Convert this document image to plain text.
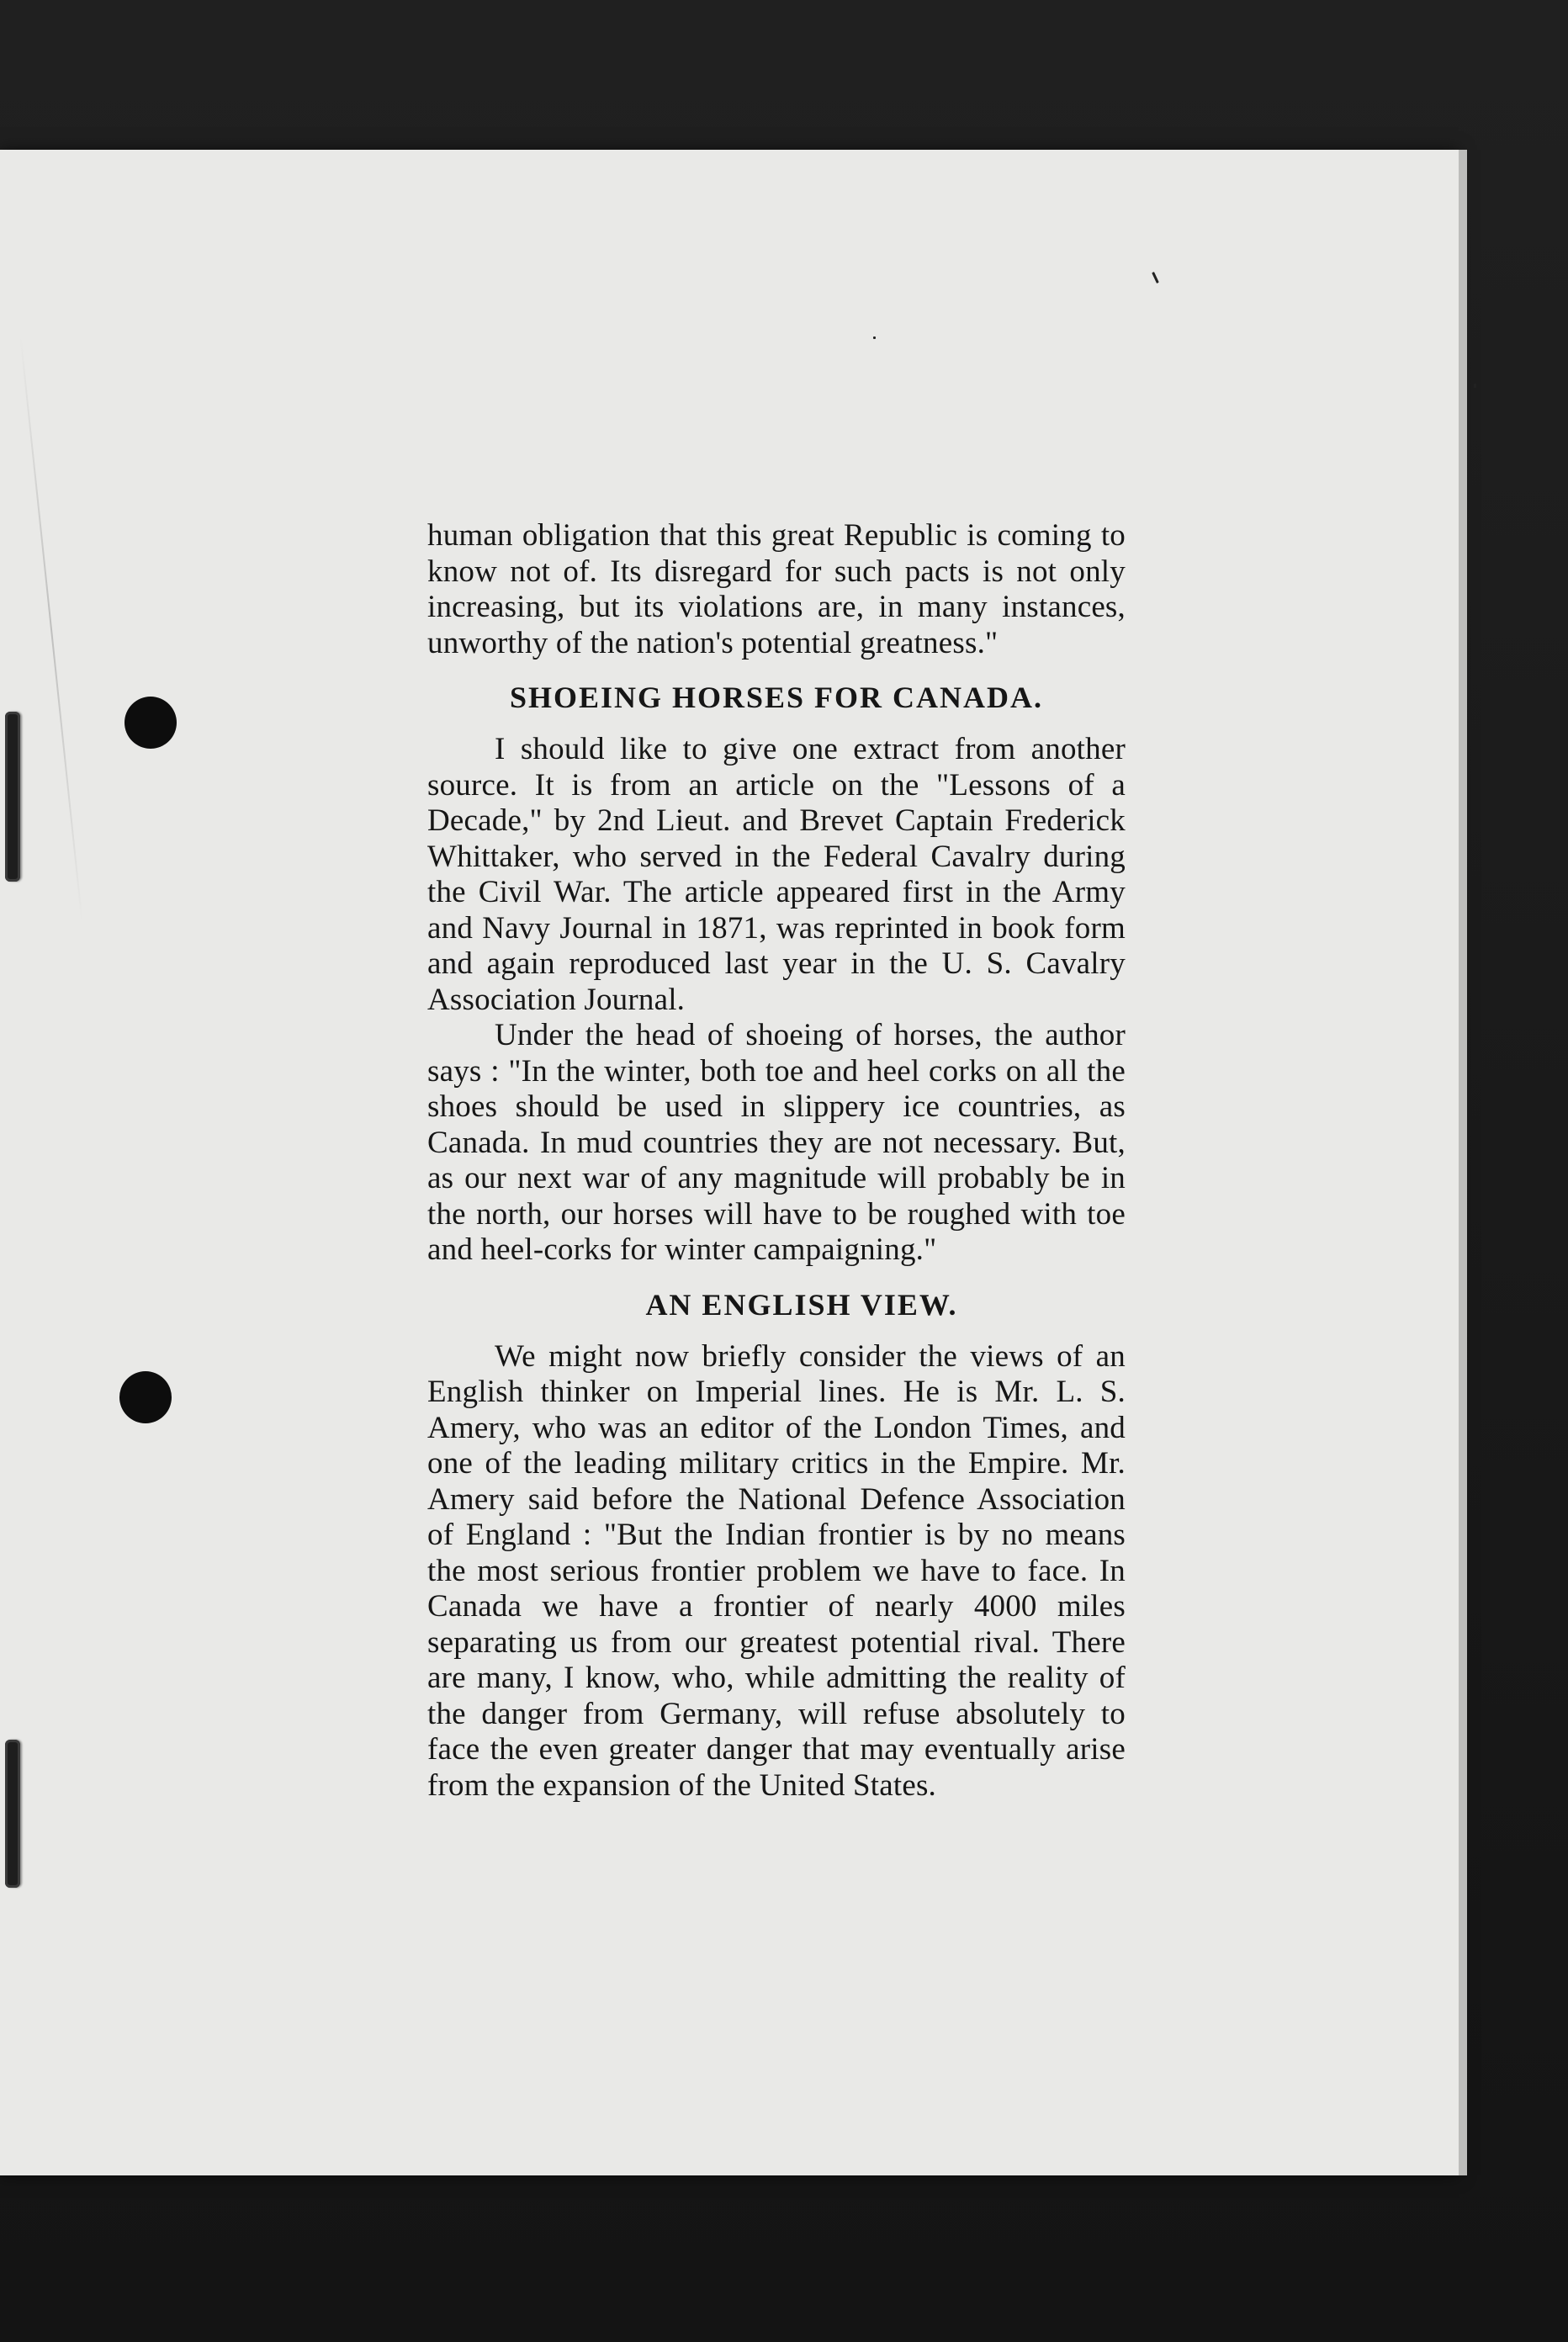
human obligation that this great Republic is coming to know not of. Its disregard for such pacts is not only increasing, but its violations are, in many instances, unworthy of the nation's potential greatness."

SHOEING HORSES FOR CANADA.

I should like to give one extract from another source. It is from an article on the "Lessons of a Decade," by 2nd Lieut. and Brevet Captain Frederick Whittaker, who served in the Federal Cavalry during the Civil War. The article appeared first in the Army and Navy Journal in 1871, was reprinted in book form and again reproduced last year in the U. S. Cavalry Association Journal.

Under the head of shoeing of horses, the author says : "In the winter, both toe and heel corks on all the shoes should be used in slippery ice countries, as Canada. In mud countries they are not necessary. But, as our next war of any magnitude will probably be in the north, our horses will have to be roughed with toe and heel-corks for winter campaigning."

AN ENGLISH VIEW.

We might now briefly consider the views of an English thinker on Imperial lines. He is Mr. L. S. Amery, who was an editor of the London Times, and one of the leading military critics in the Empire. Mr. Amery said before the National Defence Association of England : "But the Indian frontier is by no means the most serious frontier problem we have to face. In Canada we have a frontier of nearly 4000 miles separating us from our greatest potential rival. There are many, I know, who, while admitting the reality of the danger from Germany, will refuse absolutely to face the even greater danger that may eventually arise from the expansion of the United States.
